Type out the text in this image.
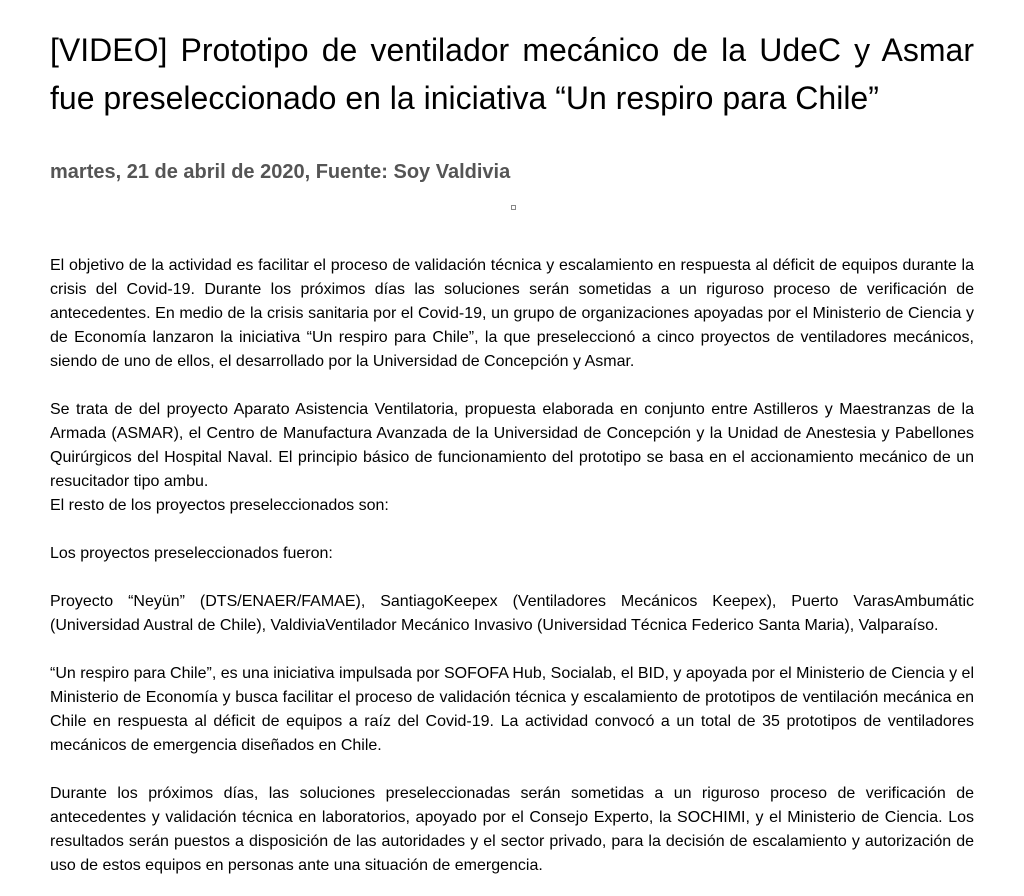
[VIDEO] Prototipo de ventilador mecánico de la UdeC y Asmar fue preseleccionado en la iniciativa “Un respiro para Chile”
martes, 21 de abril de 2020, Fuente: Soy Valdivia

El objetivo de la actividad es facilitar el proceso de validación técnica y escalamiento en respuesta al déficit de equipos durante la crisis del Covid-19. Durante los próximos días las soluciones serán sometidas a un riguroso proceso de verificación de antecedentes. En medio de la crisis sanitaria por el Covid-19, un grupo de organizaciones apoyadas por el Ministerio de Ciencia y de Economía lanzaron la iniciativa “Un respiro para Chile”, la que preseleccionó a cinco proyectos de ventiladores mecánicos, siendo de uno de ellos, el desarrollado por la Universidad de Concepción y Asmar.

Se trata de del proyecto Aparato Asistencia Ventilatoria, propuesta elaborada en conjunto entre Astilleros y Maestranzas de la Armada (ASMAR), el Centro de Manufactura Avanzada de la Universidad de Concepción y la Unidad de Anestesia y Pabellones Quirúrgicos del Hospital Naval. El principio básico de funcionamiento del prototipo se basa en el accionamiento mecánico de un resucitador tipo ambu.

El resto de los proyectos preseleccionados son:

Los proyectos preseleccionados fueron:

Proyecto “Neyün” (DTS/ENAER/FAMAE), SantiagoKeepex (Ventiladores Mecánicos Keepex), Puerto VarasAmbumátic (Universidad Austral de Chile), ValdiviaVentilador Mecánico Invasivo (Universidad Técnica Federico Santa Maria), Valparaíso.

“Un respiro para Chile”, es una iniciativa impulsada por SOFOFA Hub, Socialab, el BID, y apoyada por el Ministerio de Ciencia y el Ministerio de Economía y busca facilitar el proceso de validación técnica y escalamiento de prototipos de ventilación mecánica en Chile en respuesta al déficit de equipos a raíz del Covid-19. La actividad convocó a un total de 35 prototipos de ventiladores mecánicos de emergencia diseñados en Chile.

Durante los próximos días, las soluciones preseleccionadas serán sometidas a un riguroso proceso de verificación de antecedentes y validación técnica en laboratorios, apoyado por el Consejo Experto, la SOCHIMI, y el Ministerio de Ciencia. Los resultados serán puestos a disposición de las autoridades y el sector privado, para la decisión de escalamiento y autorización de uso de estos equipos en personas ante una situación de emergencia.
